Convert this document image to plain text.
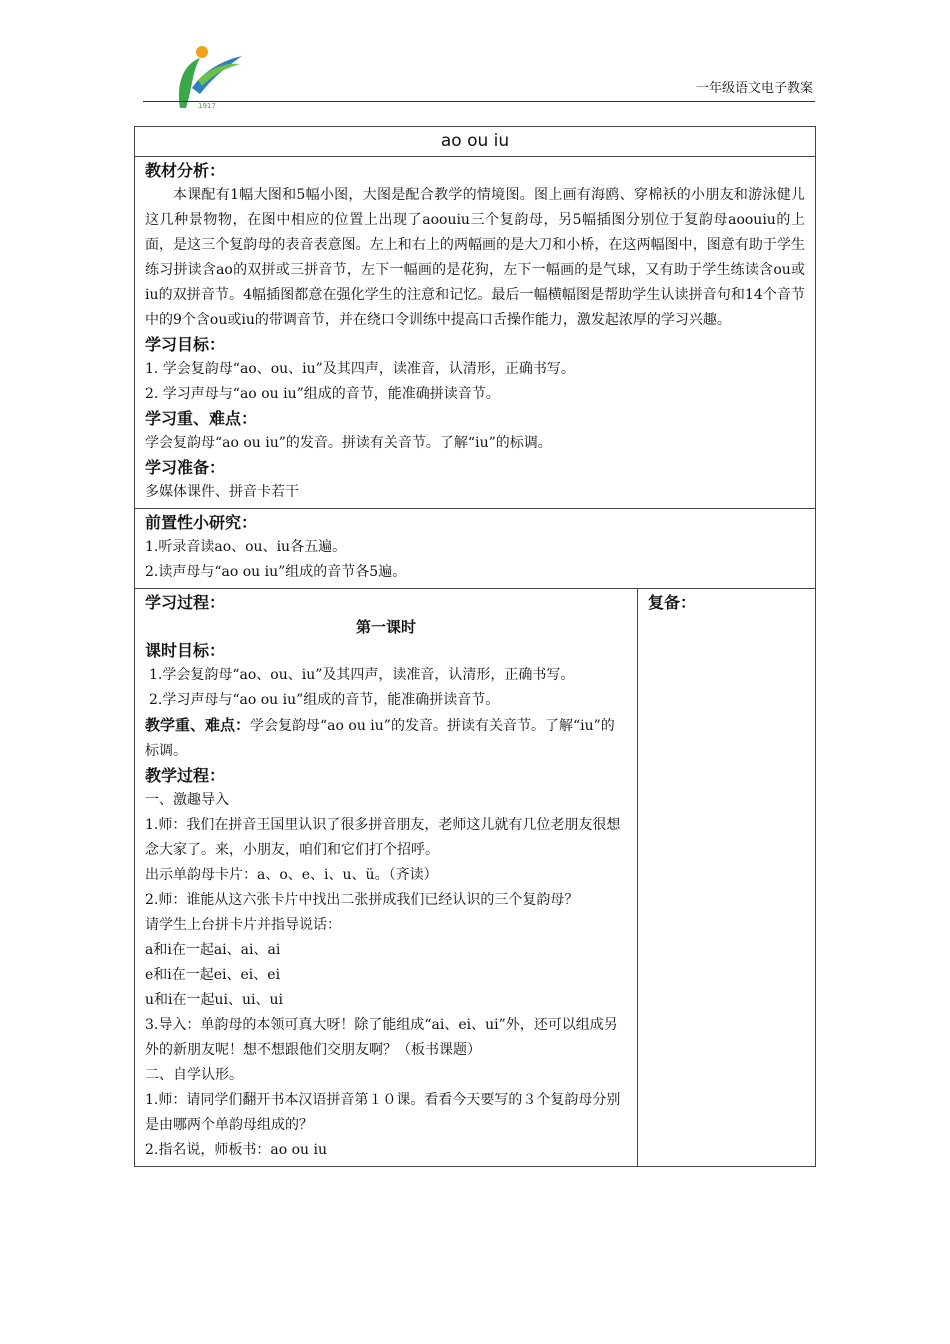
1917
一年级语文电子教案
ao ou iu

教材分析：

本课配有1幅大图和5幅小图，大图是配合教学的情境图。图上画有海鸥、穿棉袄的小朋友和游泳健儿这几种景物物，在图中相应的位置上出现了aoouiu三个复韵母，另5幅插图分别位于复韵母aoouiu的上面，是这三个复韵母的表音表意图。左上和右上的两幅画的是大刀和小桥，在这两幅图中，图意有助于学生练习拼读含ao的双拼或三拼音节，左下一幅画的是花狗，左下一幅画的是气球，又有助于学生练读含ou或iu的双拼音节。4幅插图都意在强化学生的注意和记忆。最后一幅横幅图是帮助学生认读拼音句和14个音节中的9个含ou或iu的带调音节，并在绕口令训练中提高口舌操作能力，激发起浓厚的学习兴趣。

学习目标：

1. 学会复韵母“ao、ou、iu”及其四声，读准音，认清形，正确书写。

2. 学习声母与“ao ou iu”组成的音节，能准确拼读音节。

学习重、难点：

学会复韵母“ao ou iu”的发音。拼读有关音节。了解“iu”的标调。

学习准备：

多媒体课件、拼音卡若干

前置性小研究：

1.听录音读ao、ou、iu各五遍。

2.读声母与“ao ou iu”组成的音节各5遍。

学习过程：
第一课时
课时目标：

1.学会复韵母“ao、ou、iu”及其四声，读准音，认清形，正确书写。

2.学习声母与“ao ou iu”组成的音节，能准确拼读音节。

教学重、难点：学会复韵母“ao ou iu”的发音。拼读有关音节。了解“iu”的标调。

教学过程：

一、激趣导入

1.师：我们在拼音王国里认识了很多拼音朋友，老师这儿就有几位老朋友很想念大家了。来，小朋友，咱们和它们打个招呼。

出示单韵母卡片：a、o、e、i、u、ü。（齐读）

2.师：谁能从这六张卡片中找出二张拼成我们已经认识的三个复韵母？

请学生上台拼卡片并指导说话：

a和i在一起ai、ai、ai

e和i在一起ei、ei、ei

u和i在一起ui、ui、ui

3.导入：单韵母的本领可真大呀！除了能组成“ai、ei、ui”外，还可以组成另外的新朋友呢！想不想跟他们交朋友啊？（板书课题）

二、自学认形。

1.师：请同学们翻开书本汉语拼音第１０课。看看今天要写的３个复韵母分别是由哪两个单韵母组成的？

2.指名说，师板书：ao ou iu

复备：
